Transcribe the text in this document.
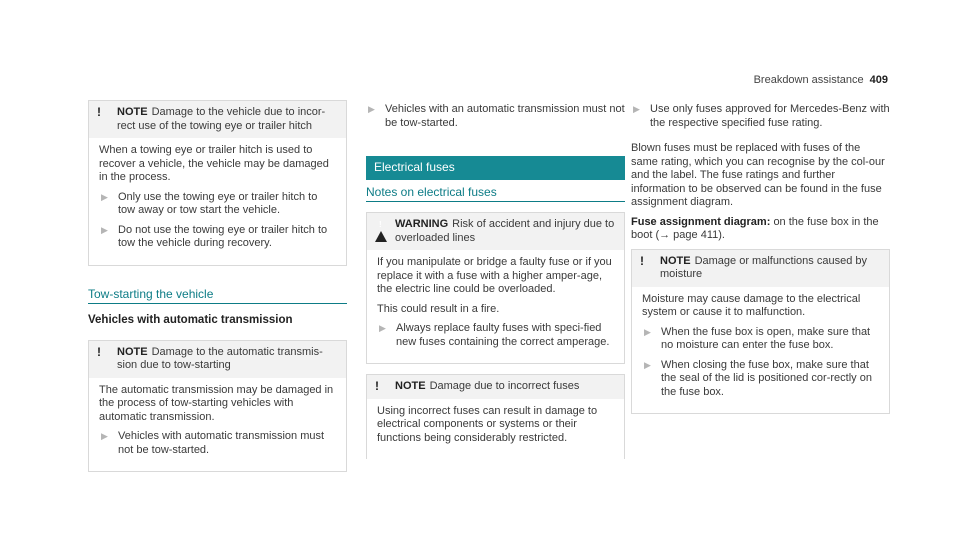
Breakdown assistance 409
!	NOTE Damage to the vehicle due to incor-rect use of the towing eye or trailer hitch

When a towing eye or trailer hitch is used to recover a vehicle, the vehicle may be damaged in the process.

▶ Only use the towing eye or trailer hitch to tow away or tow start the vehicle.
▶ Do not use the towing eye or trailer hitch to tow the vehicle during recovery.
Tow-starting the vehicle
Vehicles with automatic transmission
!	NOTE Damage to the automatic transmis-sion due to tow-starting

The automatic transmission may be damaged in the process of tow-starting vehicles with automatic transmission.

▶ Vehicles with automatic transmission must not be tow-started.
▶ Vehicles with an automatic transmission must not be tow-started.
Electrical fuses
Notes on electrical fuses
!
WARNING Risk of accident and injury due to overloaded lines

If you manipulate or bridge a faulty fuse or if you replace it with a fuse with a higher amper-age, the electric line could be overloaded.

This could result in a fire.

▶ Always replace faulty fuses with speci-fied new fuses containing the correct amperage.
!	NOTE Damage due to incorrect fuses

Using incorrect fuses can result in damage to electrical components or systems or their functions being considerably restricted.

▶ Use only fuses approved for Mercedes-Benz with the respective specified fuse rating.

Blown fuses must be replaced with fuses of the same rating, which you can recognise by the col-our and the label. The fuse ratings and further information to be observed can be found in the fuse assignment diagram.

Fuse assignment diagram: on the fuse box in the boot (→ page 411).

!	NOTE Damage or malfunctions caused by moisture

Moisture may cause damage to the electrical system or cause it to malfunction.

▶ When the fuse box is open, make sure that no moisture can enter the fuse box.
▶ When closing the fuse box, make sure that the seal of the lid is positioned cor-rectly on the fuse box.
